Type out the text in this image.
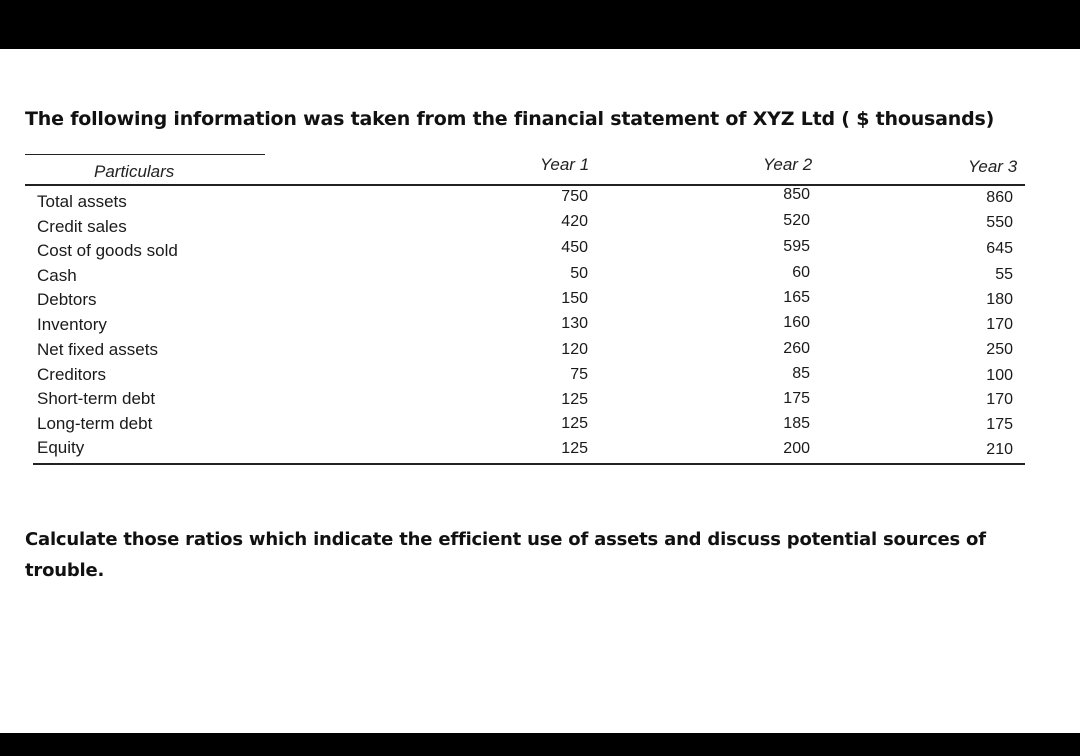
The following information was taken from the financial statement of XYZ Ltd ( $ thousands)
Particulars	Year 1	Year 2	Year 3
Total assets	750	850	860
Credit sales	420	520	550
Cost of goods sold	450	595	645
Cash	50	60	55
Debtors	150	165	180
Inventory	130	160	170
Net fixed assets	120	260	250
Creditors	75	85	100
Short-term debt	125	175	170
Long-term debt	125	185	175
Equity	125	200	210
Calculate those ratios which indicate the efficient use of assets and discuss potential sources of trouble.
